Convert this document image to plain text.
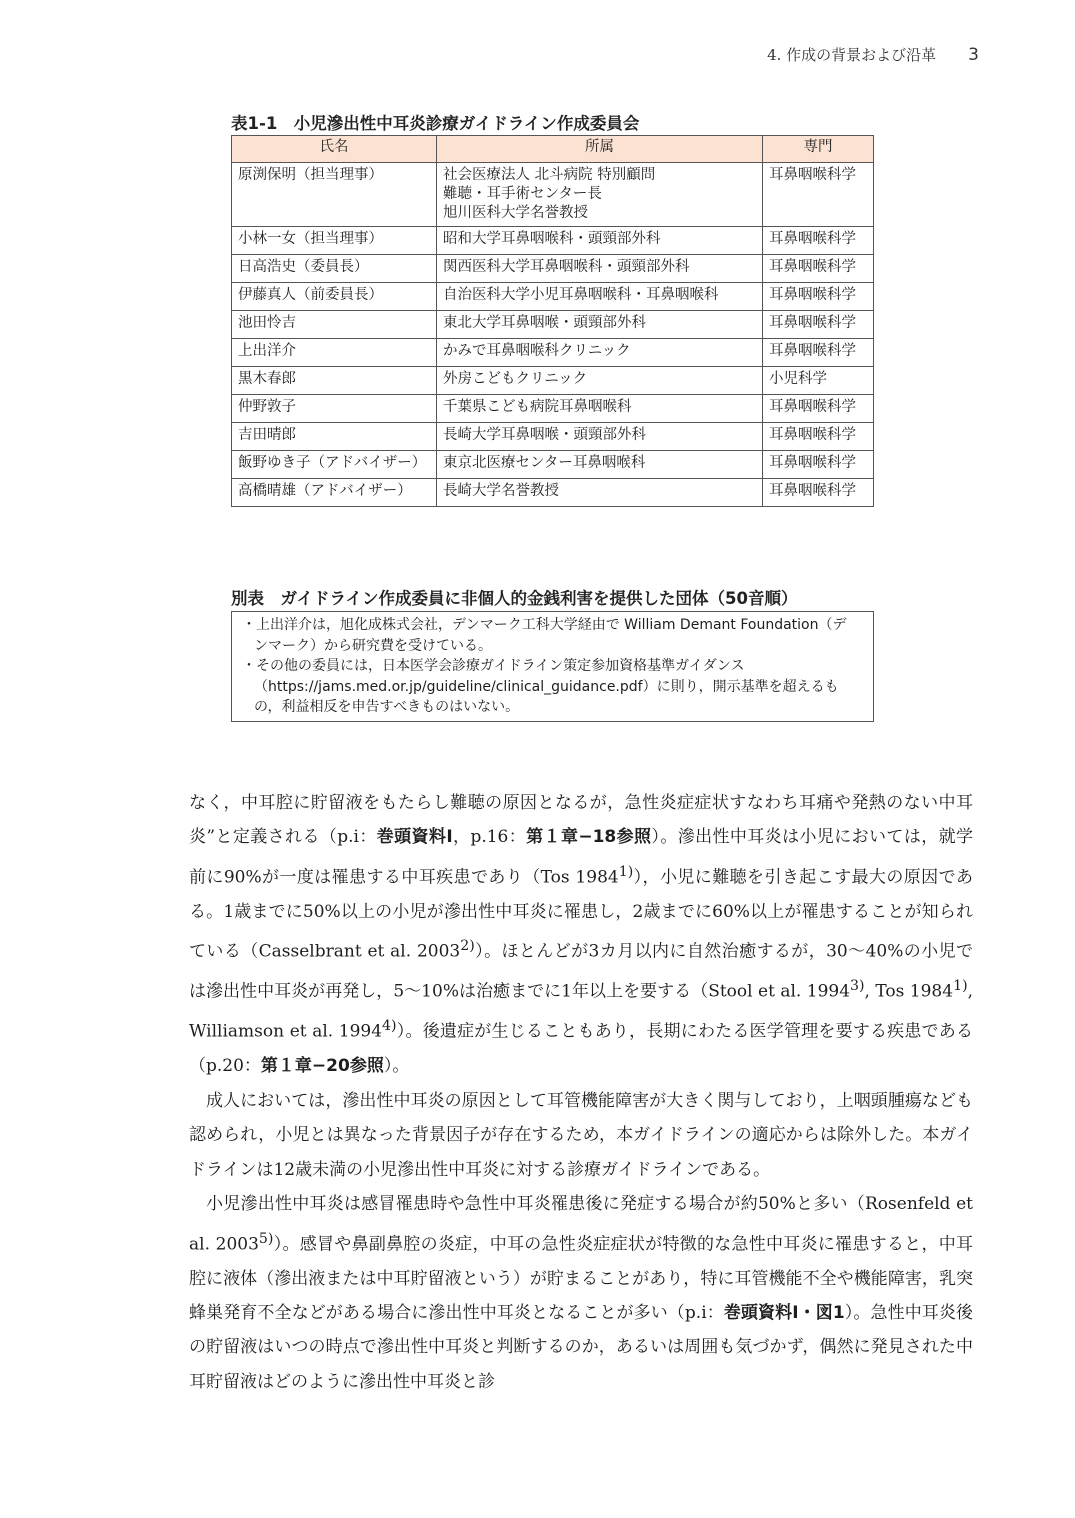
4. 作成の背景および沿革 3
表1-1　小児滲出性中耳炎診療ガイドライン作成委員会
氏名	所属	専門
原渕保明（担当理事）	社会医療法人 北斗病院 特別顧問
難聴・耳手術センター長
旭川医科大学名誉教授	耳鼻咽喉科学
小林一女（担当理事）	昭和大学耳鼻咽喉科・頭頸部外科	耳鼻咽喉科学
日高浩史（委員長）	関西医科大学耳鼻咽喉科・頭頸部外科	耳鼻咽喉科学
伊藤真人（前委員長）	自治医科大学小児耳鼻咽喉科・耳鼻咽喉科	耳鼻咽喉科学
池田怜吉	東北大学耳鼻咽喉・頭頸部外科	耳鼻咽喉科学
上出洋介	かみで耳鼻咽喉科クリニック	耳鼻咽喉科学
黒木春郎	外房こどもクリニック	小児科学
仲野敦子	千葉県こども病院耳鼻咽喉科	耳鼻咽喉科学
吉田晴郎	長崎大学耳鼻咽喉・頭頸部外科	耳鼻咽喉科学
飯野ゆき子（アドバイザー）	東京北医療センター耳鼻咽喉科	耳鼻咽喉科学
高橋晴雄（アドバイザー）	長崎大学名誉教授	耳鼻咽喉科学
別表　ガイドライン作成委員に非個人的金銭利害を提供した団体（50音順）
・上出洋介は，旭化成株式会社，デンマーク工科大学経由で William Demant Foundation（デンマーク）から研究費を受けている。
・その他の委員には，日本医学会診療ガイドライン策定参加資格基準ガイダンス（https://jams.med.or.jp/guideline/clinical_guidance.pdf）に則り，開示基準を超えるもの，利益相反を申告すべきものはいない。

なく，中耳腔に貯留液をもたらし難聴の原因となるが，急性炎症症状すなわち耳痛や発熱のない中耳炎”と定義される（p.i：巻頭資料Ⅰ，p.16：第１章−18参照）。滲出性中耳炎は小児においては，就学前に90%が一度は罹患する中耳疾患であり（Tos 1984$^{1)}$），小児に難聴を引き起こす最大の原因である。1歳までに50%以上の小児が滲出性中耳炎に罹患し，2歳までに60%以上が罹患することが知られている（Casselbrant et al. 2003$^{2)}$）。ほとんどが3カ月以内に自然治癒するが，30〜40%の小児では滲出性中耳炎が再発し，5〜10%は治癒までに1年以上を要する（Stool et al. 1994$^{3)}$, Tos 1984$^{1)}$, Williamson et al. 1994$^{4)}$）。後遺症が生じることもあり，長期にわたる医学管理を要する疾患である（p.20：第１章−20参照）。

成人においては，滲出性中耳炎の原因として耳管機能障害が大きく関与しており，上咽頭腫瘍なども認められ，小児とは異なった背景因子が存在するため，本ガイドラインの適応からは除外した。本ガイドラインは12歳未満の小児滲出性中耳炎に対する診療ガイドラインである。

小児滲出性中耳炎は感冒罹患時や急性中耳炎罹患後に発症する場合が約50%と多い（Rosenfeld et al. 2003$^{5)}$）。感冒や鼻副鼻腔の炎症，中耳の急性炎症症状が特徴的な急性中耳炎に罹患すると，中耳腔に液体（滲出液または中耳貯留液という）が貯まることがあり，特に耳管機能不全や機能障害，乳突蜂巣発育不全などがある場合に滲出性中耳炎となることが多い（p.i：巻頭資料Ⅰ・図1）。急性中耳炎後の貯留液はいつの時点で滲出性中耳炎と判断するのか，あるいは周囲も気づかず，偶然に発見された中耳貯留液はどのように滲出性中耳炎と診
